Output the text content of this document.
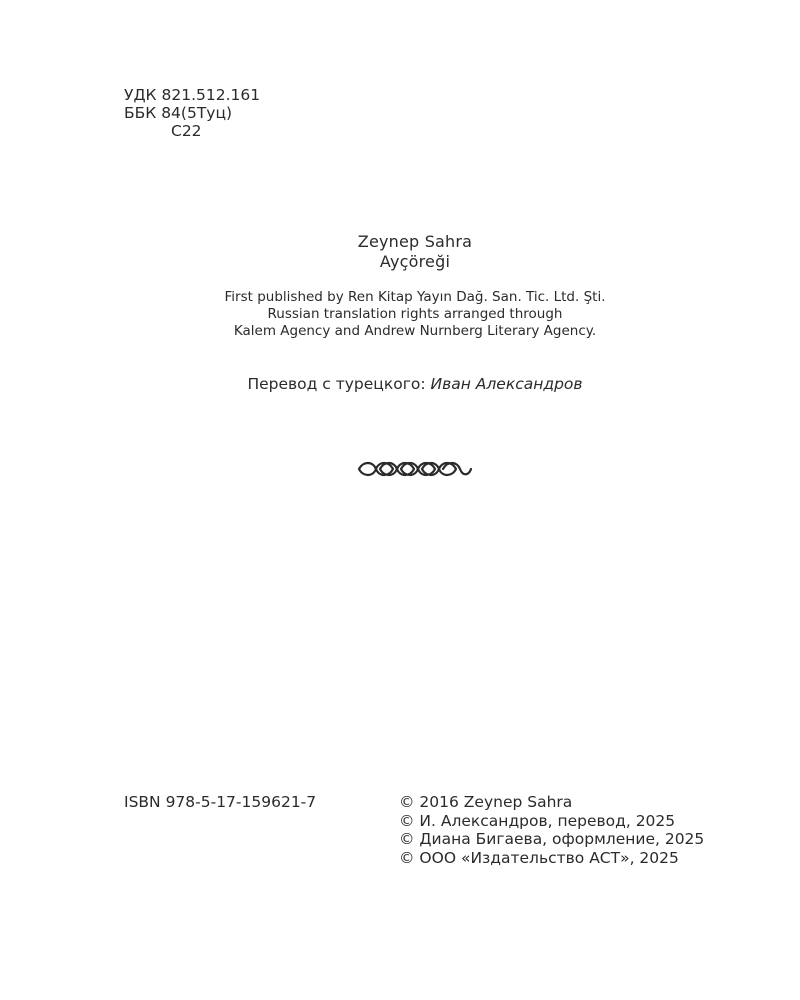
УДК 821.512.161
ББК 84(5Туц)
С22
Zeynep Sahra
Ayçöreği
First published by Ren Kitap Yayın Dağ. San. Tic. Ltd. Şti.
Russian translation rights arranged through
Kalem Agency and Andrew Nurnberg Literary Agency.
Перевод с турецкого: Иван Александров
ISBN 978-5-17-159621-7	© 2016 Zeynep Sahra
© И. Александров, перевод, 2025
© Диана Бигаева, оформление, 2025
© ООО «Издательство АСТ», 2025
